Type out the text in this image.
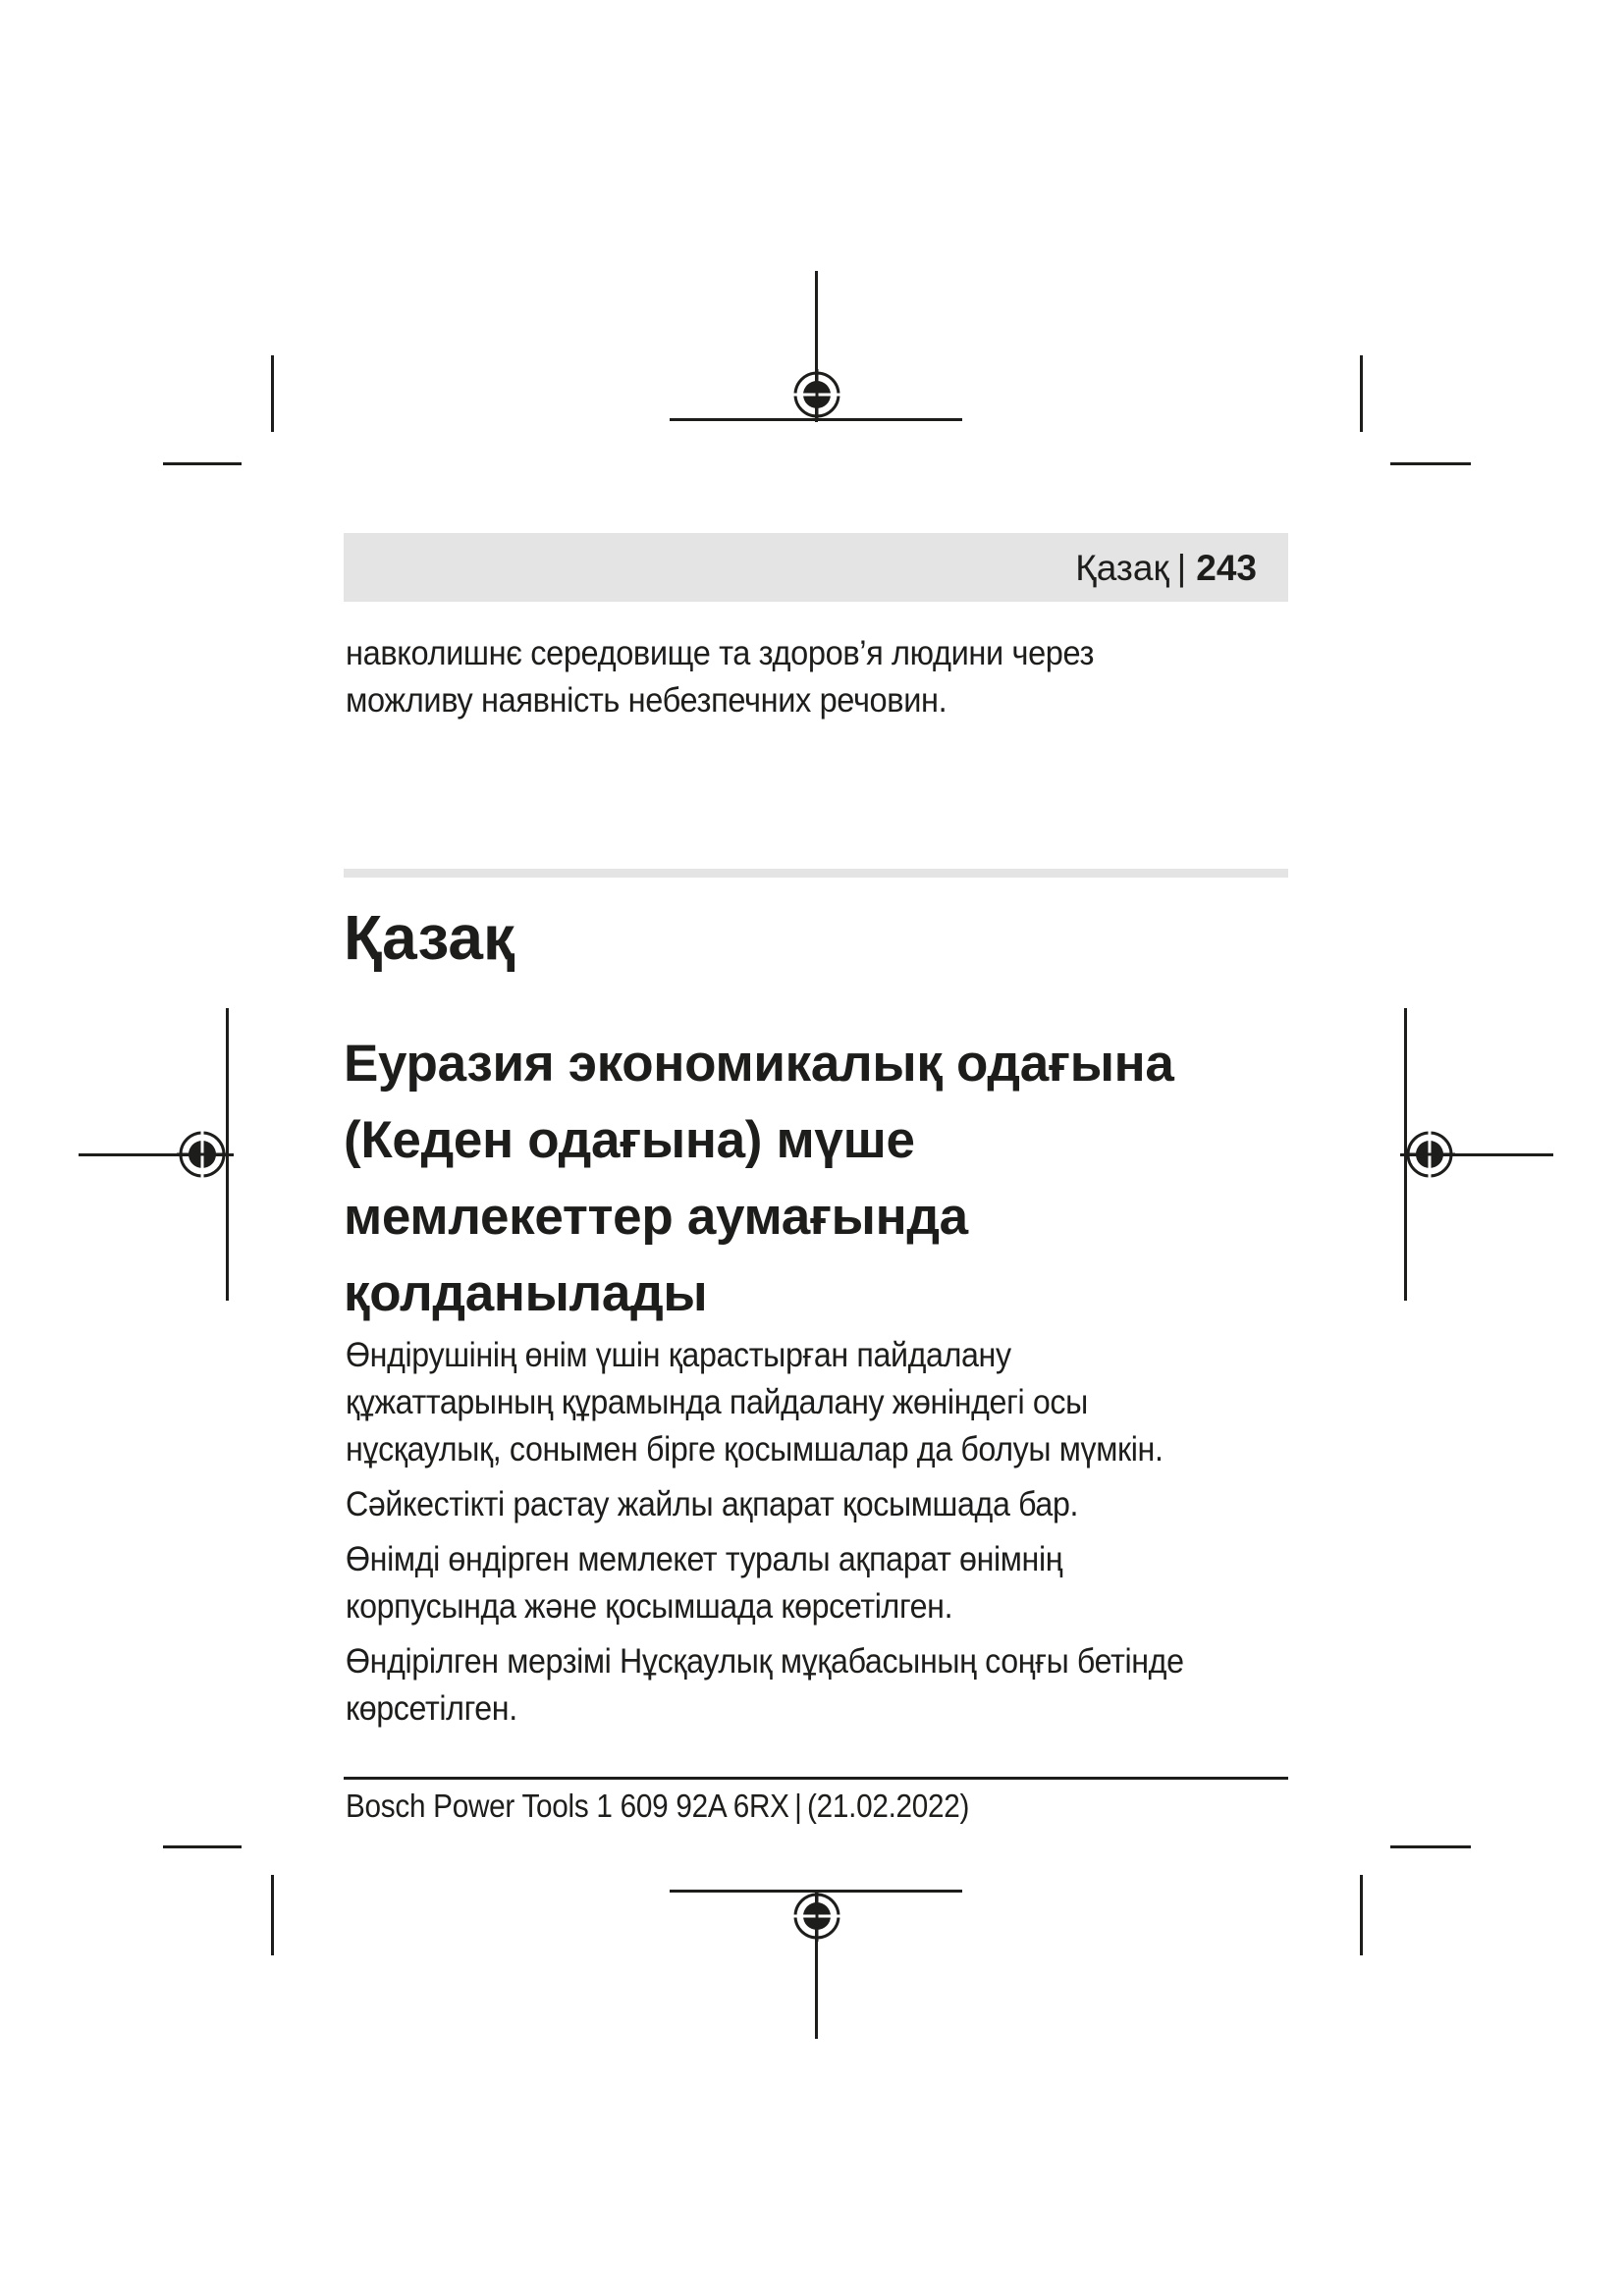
Қазақ | 243

навколишнє середовище та здоров’я людини через

можливу наявність небезпечних речовин.

Қазақ
Еуразия экономикалық одағына
(Кеден одағына) мүше
мемлекеттер аумағында
қолданылады

Өндірушінің өнім үшін қарастырған пайдалану
құжаттарының құрамында пайдалану жөніндегі осы
нұсқаулық, сонымен бірге қосымшалар да болуы мүмкін.

Сәйкестікті растау жайлы ақпарат қосымшада бар.

Өнімді өндірген мемлекет туралы ақпарат өнімнің
корпусында және қосымшада көрсетілген.

Өндірілген мерзімі Нұсқаулық мұқабасының соңғы бетінде
көрсетілген.

Bosch Power Tools 1 609 92A 6RX | (21.02.2022)
